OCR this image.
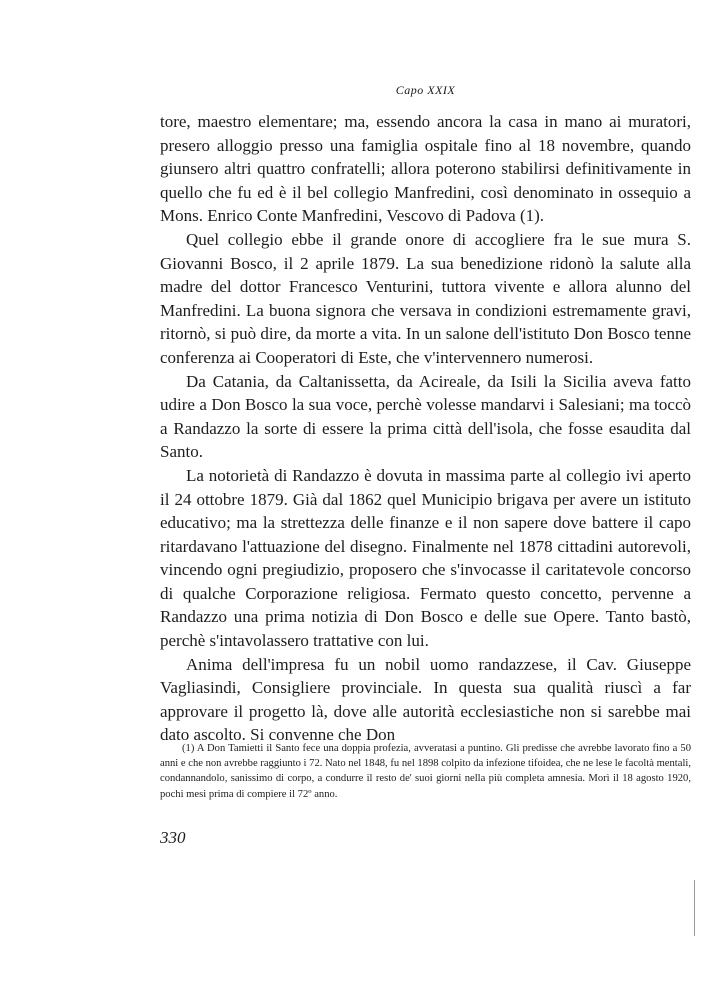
Capo XXIX

tore, maestro elementare; ma, essendo ancora la casa in mano ai muratori, presero alloggio presso una famiglia ospitale fino al 18 novembre, quando giunsero altri quattro confratelli; allora poterono stabilirsi definitivamente in quello che fu ed è il bel collegio Manfredini, così denominato in ossequio a Mons. Enrico Conte Manfredini, Vescovo di Padova (1).

Quel collegio ebbe il grande onore di accogliere fra le sue mura S. Giovanni Bosco, il 2 aprile 1879. La sua benedizione ridonò la salute alla madre del dottor Francesco Venturini, tuttora vivente e allora alunno del Manfredini. La buona signora che versava in condizioni estremamente gravi, ritornò, si può dire, da morte a vita. In un salone dell'istituto Don Bosco tenne conferenza ai Cooperatori di Este, che v'intervennero numerosi.

Da Catania, da Caltanissetta, da Acireale, da Isili la Sicilia aveva fatto udire a Don Bosco la sua voce, perchè volesse mandarvi i Salesiani; ma toccò a Randazzo la sorte di essere la prima città dell'isola, che fosse esaudita dal Santo.

La notorietà di Randazzo è dovuta in massima parte al collegio ivi aperto il 24 ottobre 1879. Già dal 1862 quel Municipio brigava per avere un istituto educativo; ma la strettezza delle finanze e il non sapere dove battere il capo ritardavano l'attuazione del disegno. Finalmente nel 1878 cittadini autorevoli, vincendo ogni pregiudizio, proposero che s'invocasse il caritatevole concorso di qualche Corporazione religiosa. Fermato questo concetto, pervenne a Randazzo una prima notizia di Don Bosco e delle sue Opere. Tanto bastò, perchè s'intavolassero trattative con lui.

Anima dell'impresa fu un nobil uomo randazzese, il Cav. Giuseppe Vagliasindi, Consigliere provinciale. In questa sua qualità riuscì a far approvare il progetto là, dove alle autorità ecclesiastiche non si sarebbe mai dato ascolto. Si convenne che Don

(1) A Don Tamietti il Santo fece una doppia profezia, avveratasi a puntino. Gli predisse che avrebbe lavorato fino a 50 anni e che non avrebbe raggiunto i 72. Nato nel 1848, fu nel 1898 colpito da infezione tifoidea, che ne lese le facoltà mentali, condannandolo, sanissimo di corpo, a condurre il resto de' suoi giorni nella più completa amnesia. Morì il 18 agosto 1920, pochi mesi prima di compiere il 72º anno.
330
